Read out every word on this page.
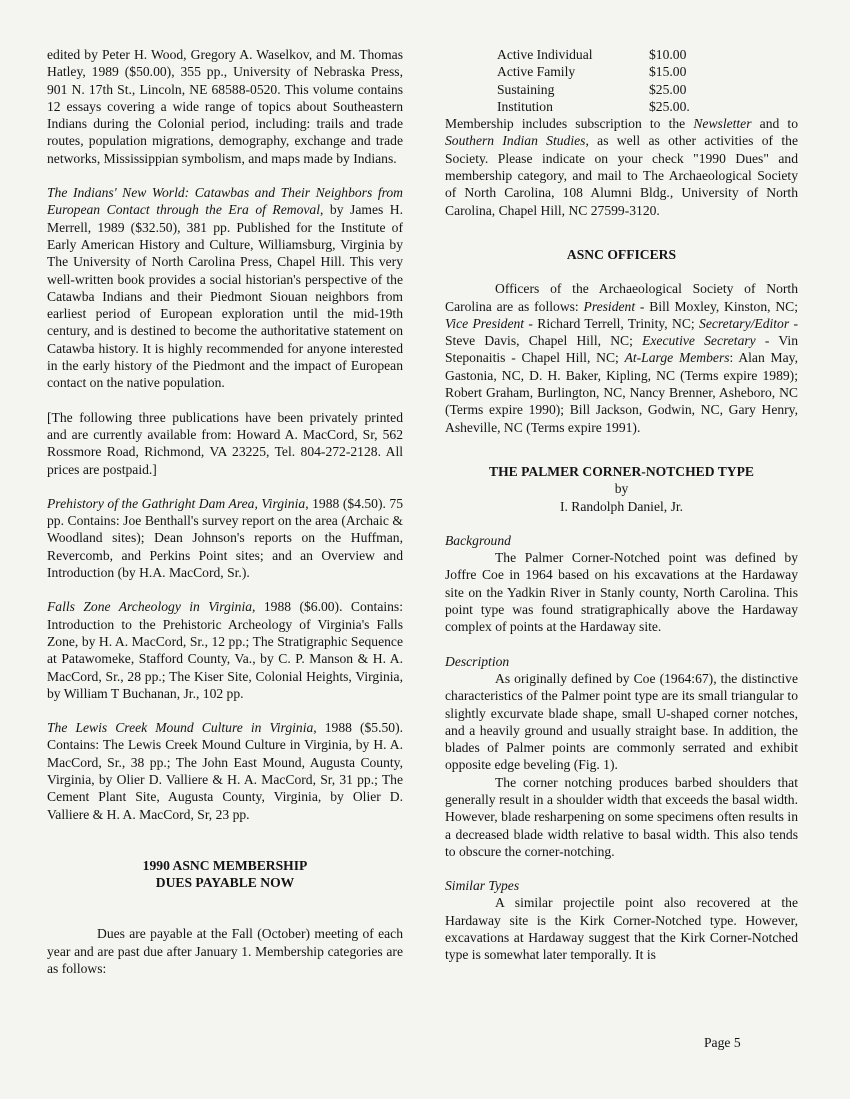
edited by Peter H. Wood, Gregory A. Waselkov, and M. Thomas Hatley, 1989 ($50.00), 355 pp., University of Nebraska Press, 901 N. 17th St., Lincoln, NE 68588-0520. This volume contains 12 essays covering a wide range of topics about Southeastern Indians during the Colonial period, including: trails and trade routes, population migrations, demography, exchange and trade networks, Mississippian symbolism, and maps made by Indians.

The Indians' New World: Catawbas and Their Neighbors from European Contact through the Era of Removal, by James H. Merrell, 1989 ($32.50), 381 pp. Published for the Institute of Early American History and Culture, Williamsburg, Virginia by The University of North Carolina Press, Chapel Hill. This very well-written book provides a social historian's perspective of the Catawba Indians and their Piedmont Siouan neighbors from earliest period of European exploration until the mid-19th century, and is destined to become the authoritative statement on Catawba history. It is highly recommended for anyone interested in the early history of the Piedmont and the impact of European contact on the native population.

[The following three publications have been privately printed and are currently available from: Howard A. MacCord, Sr, 562 Rossmore Road, Richmond, VA 23225, Tel. 804-272-2128. All prices are postpaid.]

Prehistory of the Gathright Dam Area, Virginia, 1988 ($4.50). 75 pp. Contains: Joe Benthall's survey report on the area (Archaic & Woodland sites); Dean Johnson's reports on the Huffman, Revercomb, and Perkins Point sites; and an Overview and Introduction (by H.A. MacCord, Sr.).

Falls Zone Archeology in Virginia, 1988 ($6.00). Contains: Introduction to the Prehistoric Archeology of Virginia's Falls Zone, by H. A. MacCord, Sr., 12 pp.; The Stratigraphic Sequence at Patawomeke, Stafford County, Va., by C. P. Manson & H. A. MacCord, Sr., 28 pp.; The Kiser Site, Colonial Heights, Virginia, by William T Buchanan, Jr., 102 pp.

The Lewis Creek Mound Culture in Virginia, 1988 ($5.50). Contains: The Lewis Creek Mound Culture in Virginia, by H. A. MacCord, Sr., 38 pp.; The John East Mound, Augusta County, Virginia, by Olier D. Valliere & H. A. MacCord, Sr, 31 pp.; The Cement Plant Site, Augusta County, Virginia, by Olier D. Valliere & H. A. MacCord, Sr, 23 pp.

1990 ASNC MEMBERSHIP
DUES PAYABLE NOW

Dues are payable at the Fall (October) meeting of each year and are past due after January 1. Membership categories are as follows:

Active Individual	$10.00
Active Family	$15.00
Sustaining	$25.00
Institution	$25.00.

Membership includes subscription to the Newsletter and to Southern Indian Studies, as well as other activities of the Society. Please indicate on your check "1990 Dues" and membership category, and mail to The Archaeological Society of North Carolina, 108 Alumni Bldg., University of North Carolina, Chapel Hill, NC 27599-3120.

ASNC OFFICERS

Officers of the Archaeological Society of North Carolina are as follows: President - Bill Moxley, Kinston, NC; Vice President - Richard Terrell, Trinity, NC; Secretary/Editor - Steve Davis, Chapel Hill, NC; Executive Secretary - Vin Steponaitis - Chapel Hill, NC; At-Large Members: Alan May, Gastonia, NC, D. H. Baker, Kipling, NC (Terms expire 1989); Robert Graham, Burlington, NC, Nancy Brenner, Asheboro, NC (Terms expire 1990); Bill Jackson, Godwin, NC, Gary Henry, Asheville, NC (Terms expire 1991).

THE PALMER CORNER-NOTCHED TYPE

by

I. Randolph Daniel, Jr.

Background

The Palmer Corner-Notched point was defined by Joffre Coe in 1964 based on his excavations at the Hardaway site on the Yadkin River in Stanly county, North Carolina. This point type was found stratigraphically above the Hardaway complex of points at the Hardaway site.

Description

As originally defined by Coe (1964:67), the distinctive characteristics of the Palmer point type are its small triangular to slightly excurvate blade shape, small U-shaped corner notches, and a heavily ground and usually straight base. In addition, the blades of Palmer points are commonly serrated and exhibit opposite edge beveling (Fig. 1).

The corner notching produces barbed shoulders that generally result in a shoulder width that exceeds the basal width. However, blade resharpening on some specimens often results in a decreased blade width relative to basal width. This also tends to obscure the corner-notching.

Similar Types

A similar projectile point also recovered at the Hardaway site is the Kirk Corner-Notched type. However, excavations at Hardaway suggest that the Kirk Corner-Notched type is somewhat later temporally. It is

Page 5
